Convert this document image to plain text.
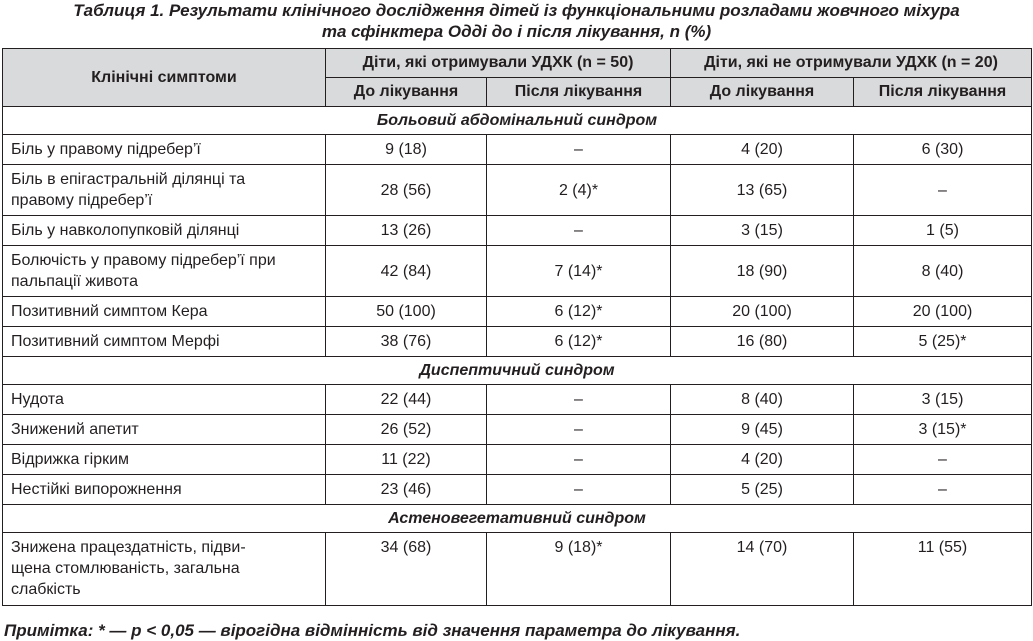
Таблиця 1. Результати клінічного дослідження дітей із функціональними розладами жовчного міхура
та сфінктера Одді до і після лікування, n (%)
Клінічні симптоми	Діти, які отримували УДХК (n = 50)		Діти, які не отримували УДХК (n = 20)	
	До лікування	Після лікування	До лікування	Після лікування
Больовий абдомінальний синдром				

Біль у правому підребер’ї	9 (18)	–	4 (20)	6 (30)

Біль в епігастральній ділянці та
правому підребер’ї	28 (56)	2 (4)*	13 (65)	–

Біль у навколопупковій ділянці	13 (26)	–	3 (15)	1 (5)

Болючість у правому підребер’ї при
пальпації живота	42 (84)	7 (14)*	18 (90)	8 (40)

Позитивний симптом Кера	50 (100)	6 (12)*	20 (100)	20 (100)

Позитивний симптом Мерфі	38 (76)	6 (12)*	16 (80)	5 (25)*
Диспептичний синдром				

Нудота	22 (44)	–	8 (40)	3 (15)

Знижений апетит	26 (52)	–	9 (45)	3 (15)*

Відрижка гірким	11 (22)	–	4 (20)	–

Нестійкі випорожнення	23 (46)	–	5 (25)	–
Астеновегетативний синдром				

Знижена працездатність, підви-
щена стомлюваність, загальна
слабкість	34 (68)	9 (18)*	14 (70)	11 (55)
Примітка: * — p < 0,05 — вірогідна відмінність від значення параметра до лікування.
